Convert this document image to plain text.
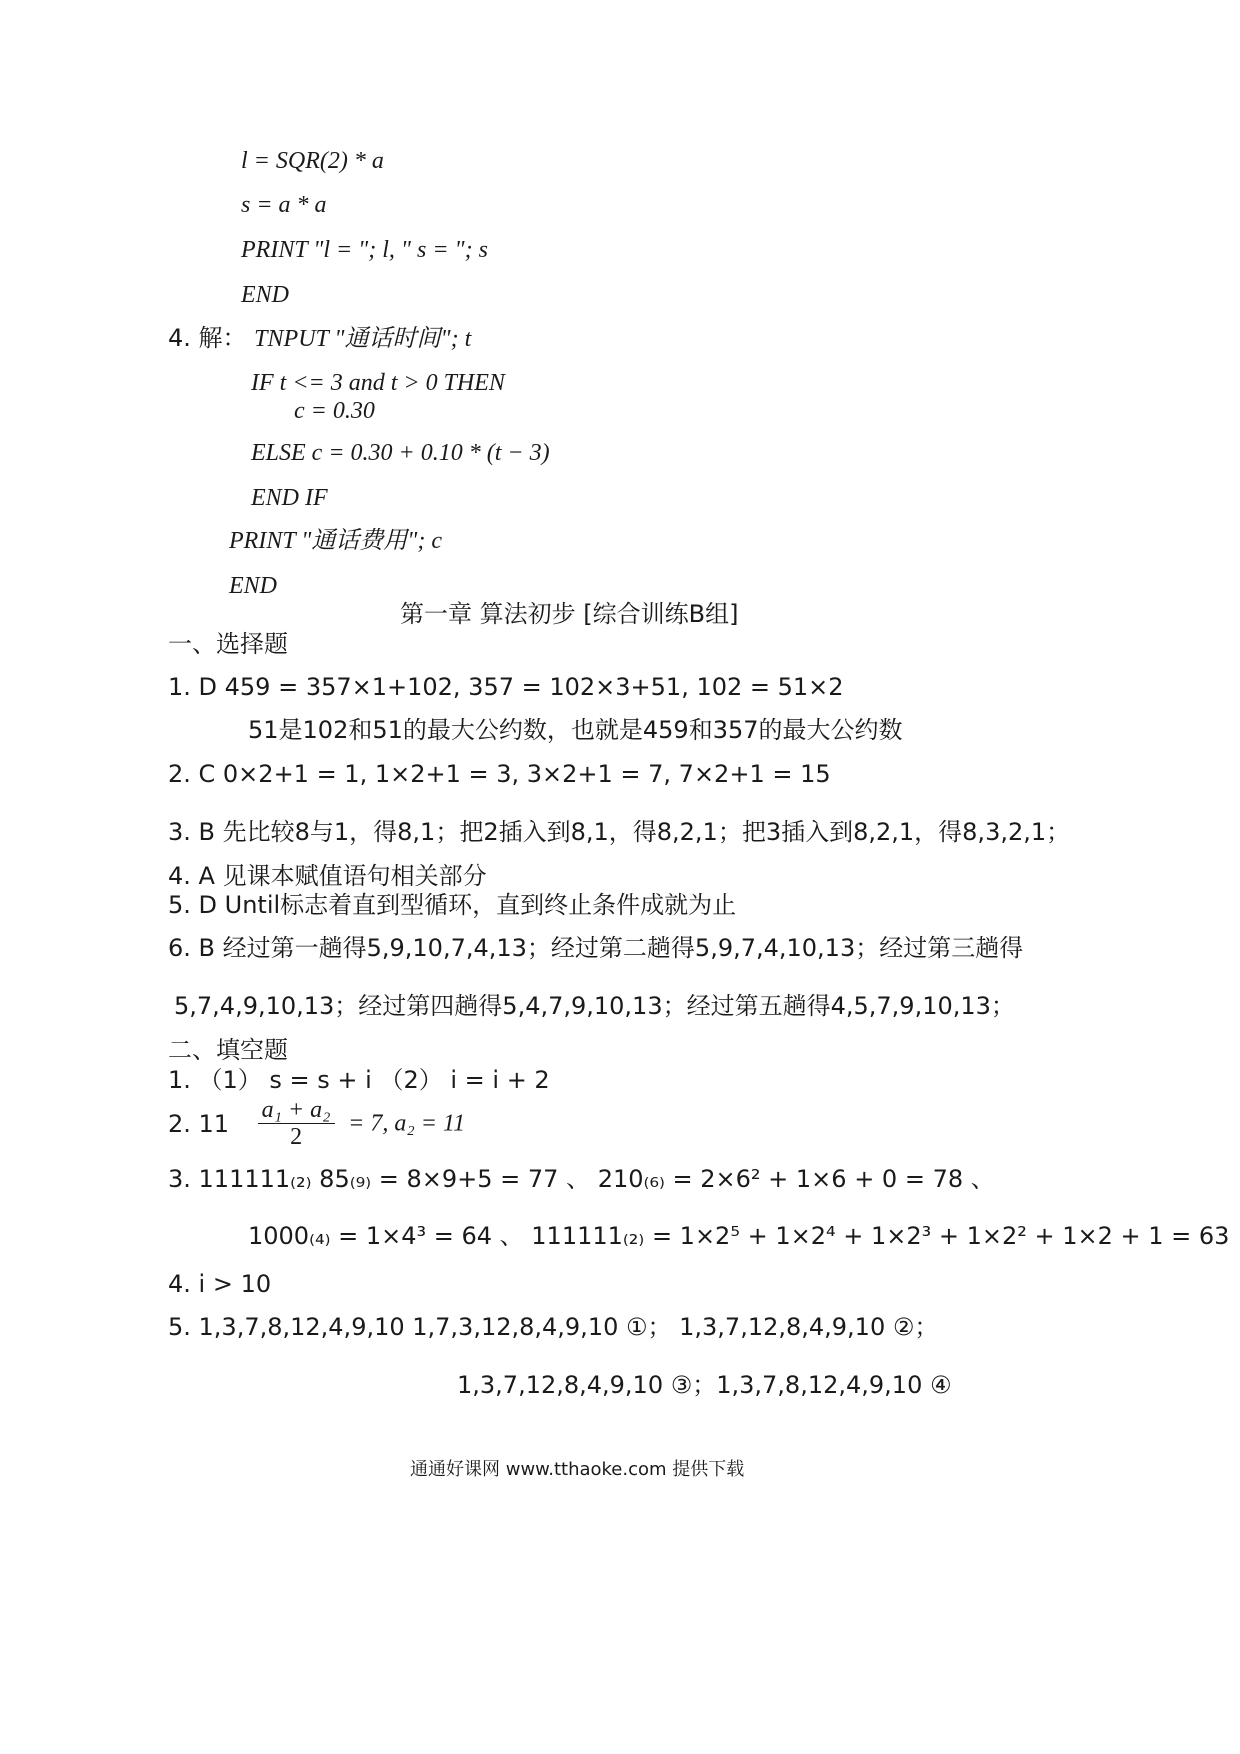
l = SQR(2) * a
s = a * a
PRINT "l = "; l, " s = "; s
END
4. 解： TNPUT "通话时间"; t
IF t <= 3 and t > 0 THEN
c = 0.30
ELSE c = 0.30 + 0.10 * (t − 3)
END IF
PRINT "通话费用"; c
END
第一章 算法初步 [综合训练B组]
一、选择题
1. D 459 = 357×1+102, 357 = 102×3+51, 102 = 51×2
51是102和51的最大公约数，也就是459和357的最大公约数
2. C 0×2+1 = 1, 1×2+1 = 3, 3×2+1 = 7, 7×2+1 = 15
3. B 先比较8与1，得8,1；把2插入到8,1，得8,2,1；把3插入到8,2,1，得8,3,2,1；
4. A 见课本赋值语句相关部分
5. D Until标志着直到型循环，直到终止条件成就为止
6. B 经过第一趟得5,9,10,7,4,13；经过第二趟得5,9,7,4,10,13；经过第三趟得
5,7,4,9,10,13；经过第四趟得5,4,7,9,10,13；经过第五趟得4,5,7,9,10,13；
二、填空题
1. （1） s = s + i （2） i = i + 2
2. $11 \frac{\text{a₁ + a₂}}{2} = 7$, a₂ = 11
3. 111111₍₂₎ 85₍₉₎ = 8×9+5 = 77 、 210₍₆₎ = 2×6² + 1×6 + 0 = 78 、
1000₍₄₎ = 1×4³ = 64 、 111111₍₂₎ = 1×2⁵ + 1×2⁴ + 1×2³ + 1×2² + 1×2 + 1 = 63
4. i > 10
5. 1,3,7,8,12,4,9,10 1,7,3,12,8,4,9,10 ①； 1,3,7,12,8,4,9,10 ②；
1,3,7,12,8,4,9,10 ③；1,3,7,8,12,4,9,10 ④
通通好课网 www.tthaoke.com 提供下载
